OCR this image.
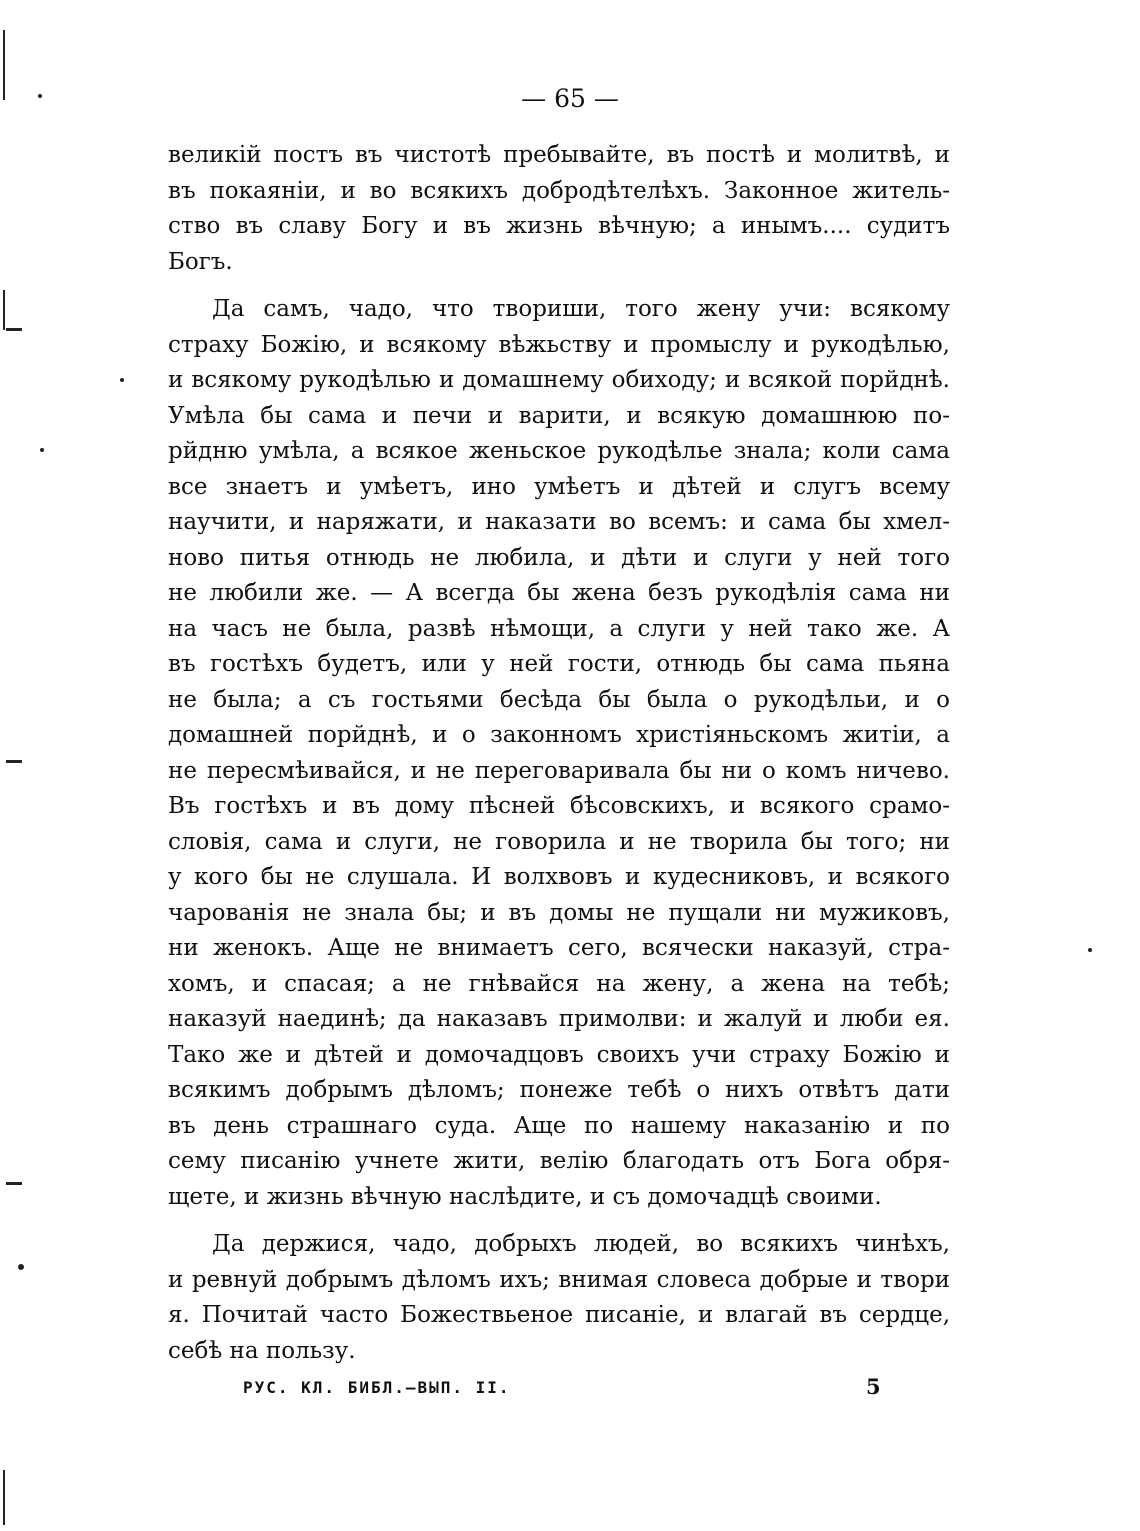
— 65 —

великій постъ въ чистотѣ пребывайте, въ постѣ и молитвѣ, и
въ покаяніи, и во всякихъ добродѣтелѣхъ. Законное житель-
ство въ славу Богу и въ жизнь вѣчную; а инымъ.... судитъ
Богъ.

Да самъ, чадо, что твориши, того жену учи: всякому
страху Божію, и всякому вѣжьству и промыслу и рукодѣлью,
и всякому рукодѣлью и домашнему обиходу; и всякой порйднѣ.
Умѣла бы сама и печи и варити, и всякую домашнюю по-
рйдню умѣла, а всякое женьское рукодѣлье знала; коли сама
все знаетъ и умѣетъ, ино умѣетъ и дѣтей и слугъ всему
научити, и наряжати, и наказати во всемъ: и сама бы хмел-
ново питья отнюдь не любила, и дѣти и слуги у ней того
не любили же. — А всегда бы жена безъ рукодѣлія сама ни
на часъ не была, развѣ нѣмощи, а слуги у ней тако же. А
въ гостѣхъ будетъ, или у ней гости, отнюдь бы сама пьяна
не была; а съ гостьями бесѣда бы была о рукодѣльи, и о
домашней порйднѣ, и о законномъ христіяньскомъ житіи, а
не пересмѣивайся, и не переговаривала бы ни о комъ ничево.
Въ гостѣхъ и въ дому пѣсней бѣсовскихъ, и всякого срамо-
словія, сама и слуги, не говорила и не творила бы того; ни
у кого бы не слушала. И волхвовъ и кудесниковъ, и всякого
чарованія не знала бы; и въ домы не пущали ни мужиковъ,
ни женокъ. Аще не внимаетъ сего, всячески наказуй, стра-
хомъ, и спасая; а не гнѣвайся на жену, а жена на тебѣ;
наказуй наединѣ; да наказавъ примолви: и жалуй и люби ея.
Тако же и дѣтей и домочадцовъ своихъ учи страху Божію и
всякимъ добрымъ дѣломъ; понеже тебѣ о нихъ отвѣтъ дати
въ день страшнаго суда. Аще по нашему наказанію и по
сему писанію учнете жити, велію благодать отъ Бога обря-
щете, и жизнь вѣчную наслѣдите, и съ домочадцѣ своими.

Да держися, чадо, добрыхъ людей, во всякихъ чинѣхъ,
и ревнуй добрымъ дѣломъ ихъ; внимая словеса добрые и твори
я. Почитай часто Божествьеное писаніе, и влагай въ сердце,
себѣ на пользу.

РУС. КЛ. БИБЛ.—ВЫП. II.	5
